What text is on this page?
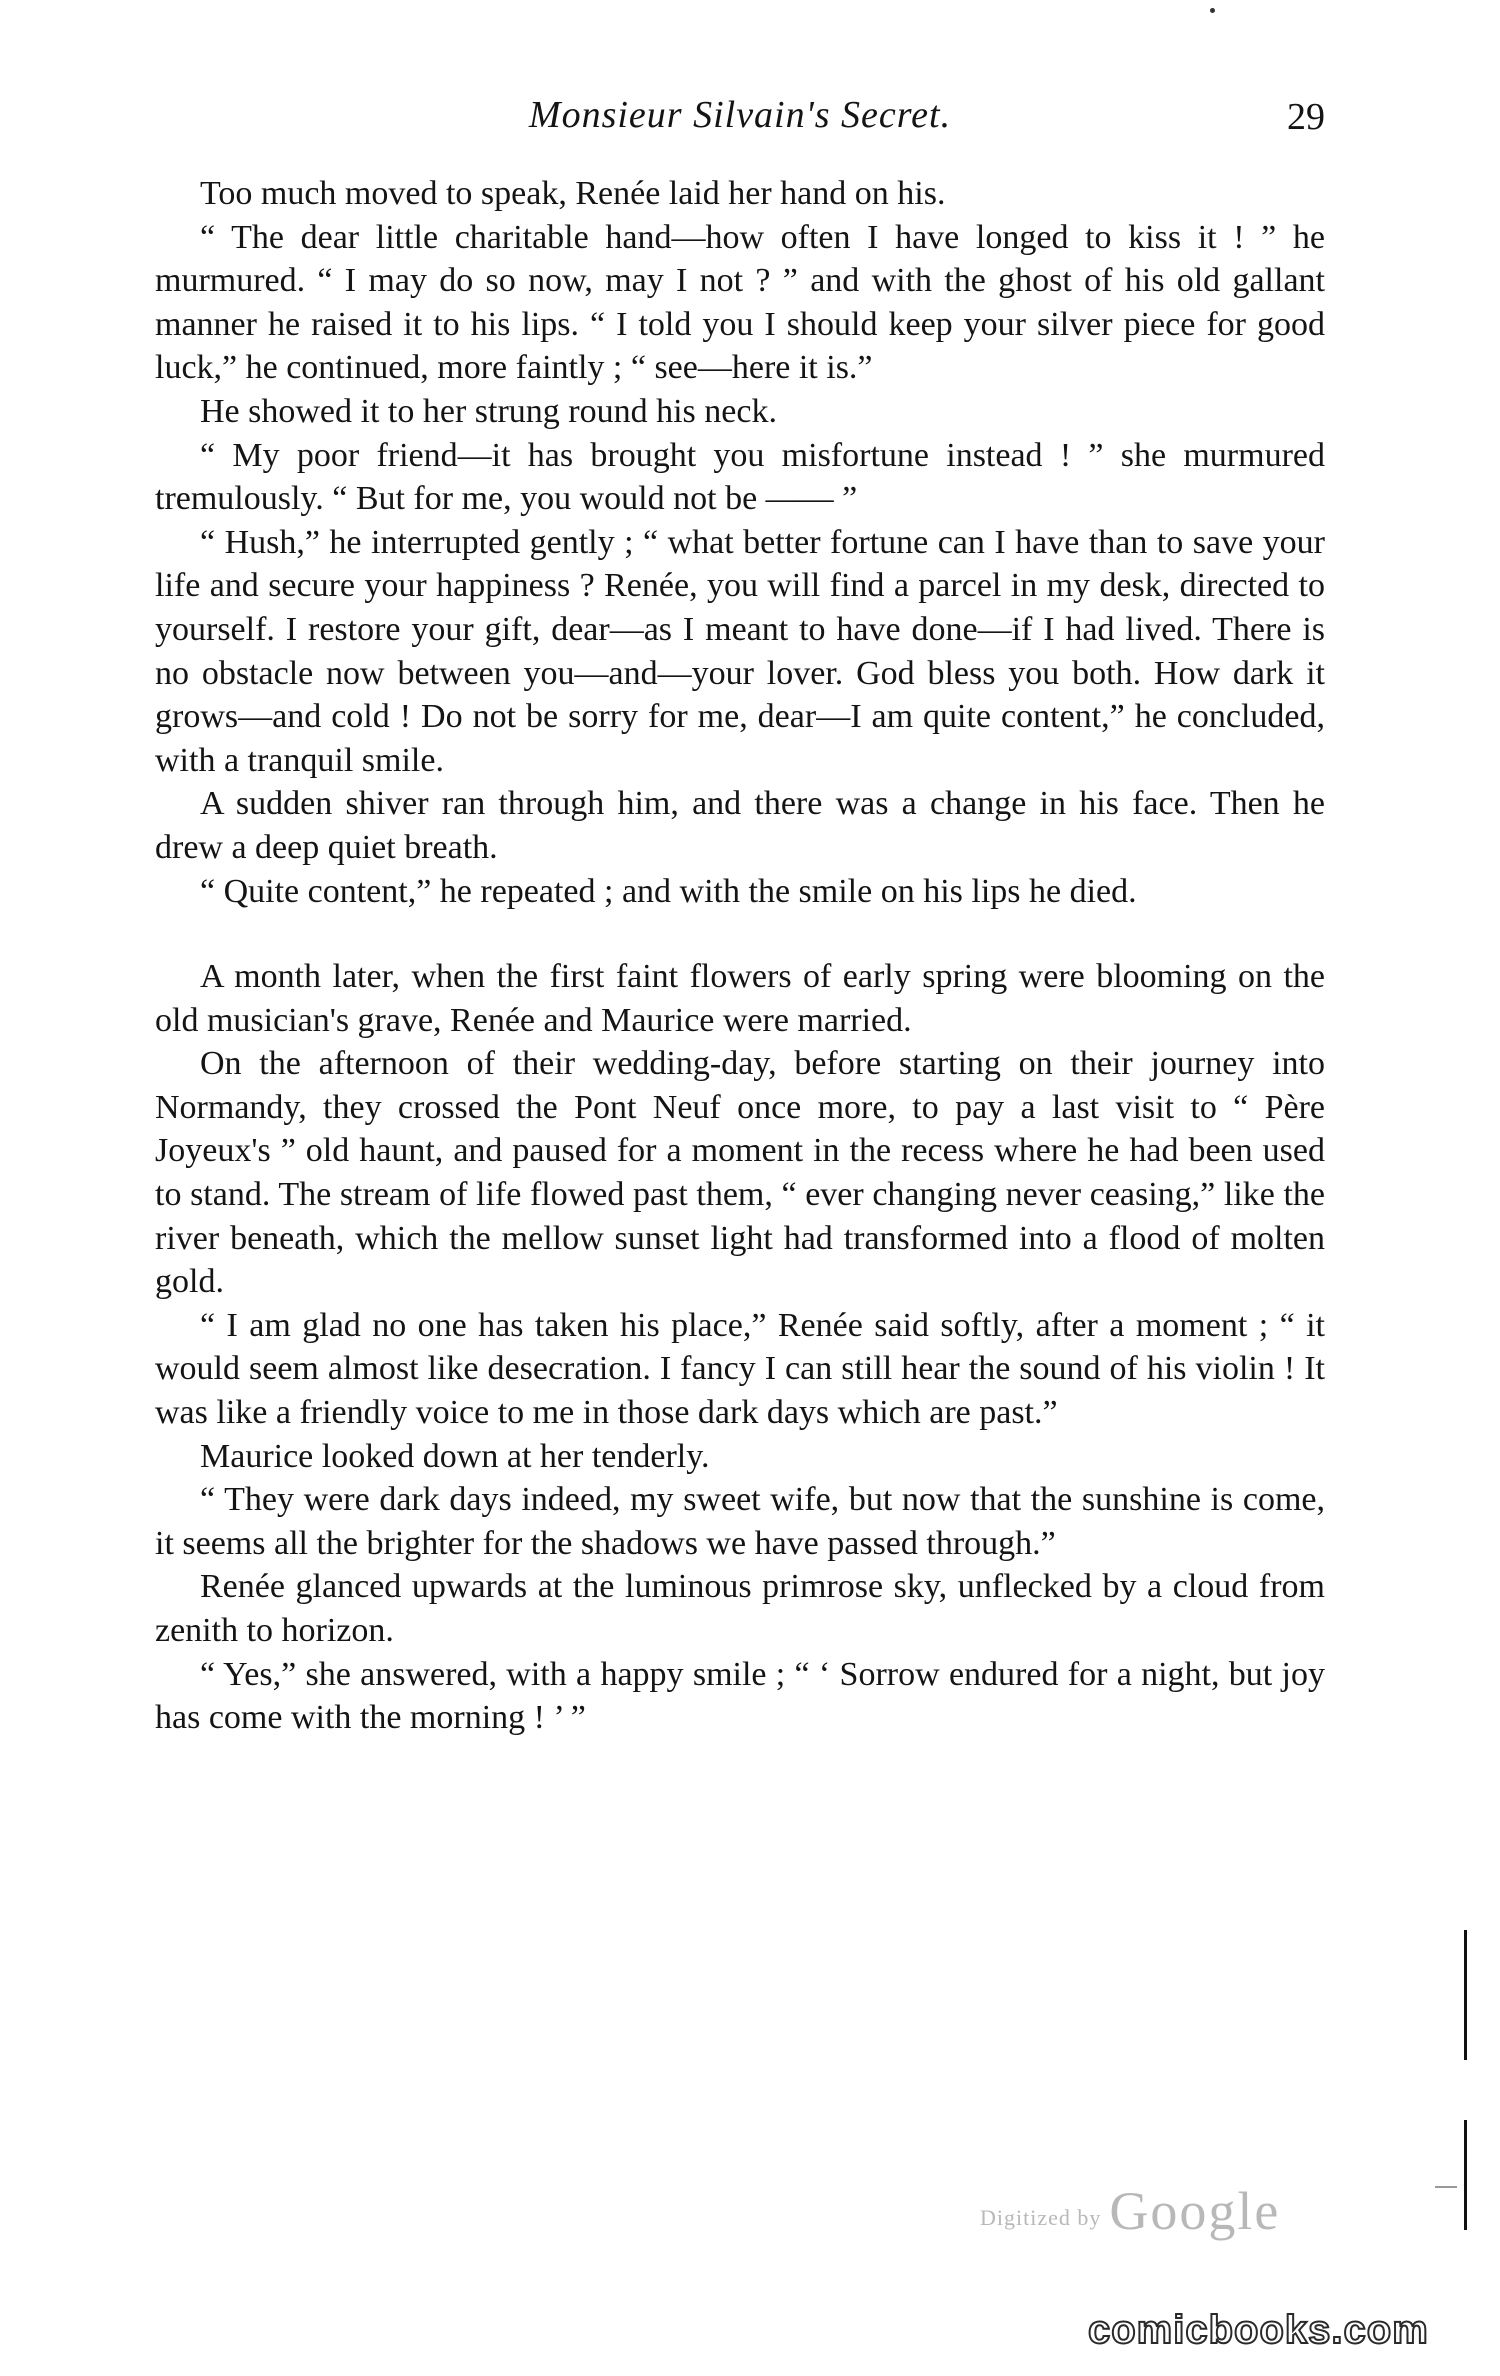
Monsieur Silvain's Secret.	29

Too much moved to speak, Renée laid her hand on his.

“ The dear little charitable hand—how often I have longed to kiss it ! ” he murmured. “ I may do so now, may I not ? ” and with the ghost of his old gallant manner he raised it to his lips. “ I told you I should keep your silver piece for good luck,” he continued, more faintly ; “ see—here it is.”

He showed it to her strung round his neck.

“ My poor friend—it has brought you misfortune instead ! ” she murmured tremulously. “ But for me, you would not be —— ”

“ Hush,” he interrupted gently ; “ what better fortune can I have than to save your life and secure your happiness ? Renée, you will find a parcel in my desk, directed to yourself. I restore your gift, dear—as I meant to have done—if I had lived. There is no obstacle now between you—and—your lover. God bless you both. How dark it grows—and cold ! Do not be sorry for me, dear—I am quite content,” he concluded, with a tranquil smile.

A sudden shiver ran through him, and there was a change in his face. Then he drew a deep quiet breath.

“ Quite content,” he repeated ; and with the smile on his lips he died.

A month later, when the first faint flowers of early spring were blooming on the old musician's grave, Renée and Maurice were married.

On the afternoon of their wedding-day, before starting on their journey into Normandy, they crossed the Pont Neuf once more, to pay a last visit to “ Père Joyeux's ” old haunt, and paused for a moment in the recess where he had been used to stand. The stream of life flowed past them, “ ever changing never ceasing,” like the river beneath, which the mellow sunset light had transformed into a flood of molten gold.

“ I am glad no one has taken his place,” Renée said softly, after a moment ; “ it would seem almost like desecration. I fancy I can still hear the sound of his violin ! It was like a friendly voice to me in those dark days which are past.”

Maurice looked down at her tenderly.

“ They were dark days indeed, my sweet wife, but now that the sunshine is come, it seems all the brighter for the shadows we have passed through.”

Renée glanced upwards at the luminous primrose sky, unflecked by a cloud from zenith to horizon.

“ Yes,” she answered, with a happy smile ; “ ‘ Sorrow endured for a night, but joy has come with the morning ! ’ ”

Digitized by Google
comicbooks.com
